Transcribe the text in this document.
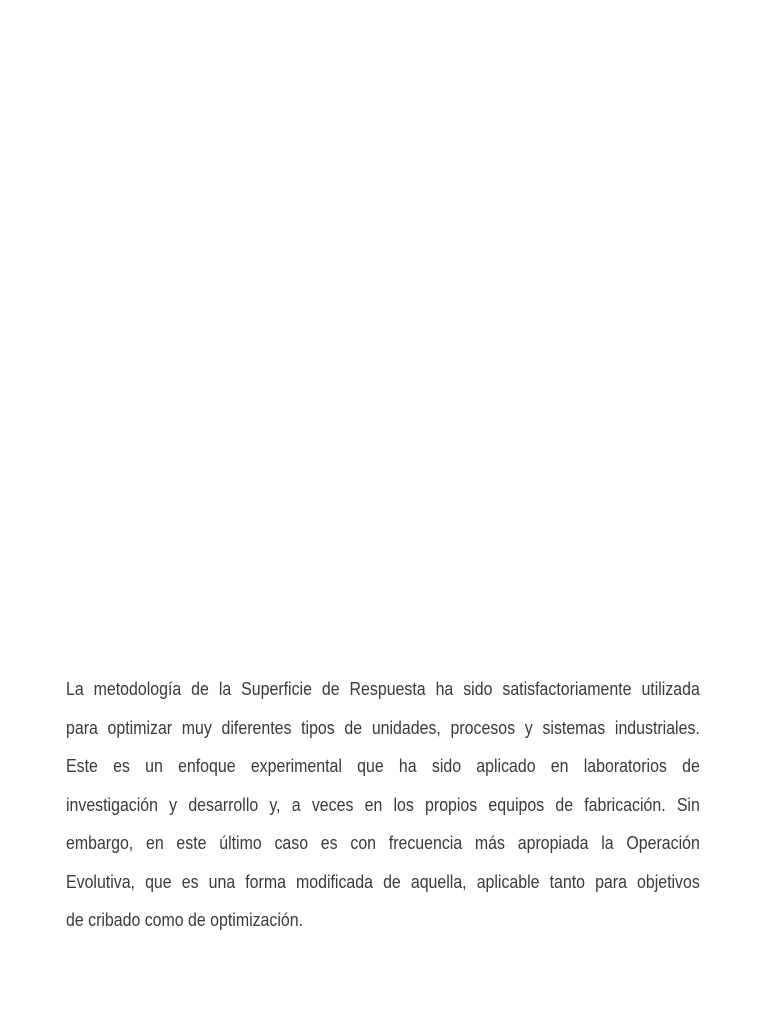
La metodología de la Superficie de Respuesta ha sido satisfactoriamente utilizada
para optimizar muy diferentes tipos de unidades, procesos y sistemas industriales.
Este es un enfoque experimental que ha sido aplicado en laboratorios de
investigación y desarrollo y, a veces en los propios equipos de fabricación. Sin
embargo, en este último caso es con frecuencia más apropiada la Operación
Evolutiva, que es una forma modificada de aquella, aplicable tanto para objetivos
de cribado como de optimización.
